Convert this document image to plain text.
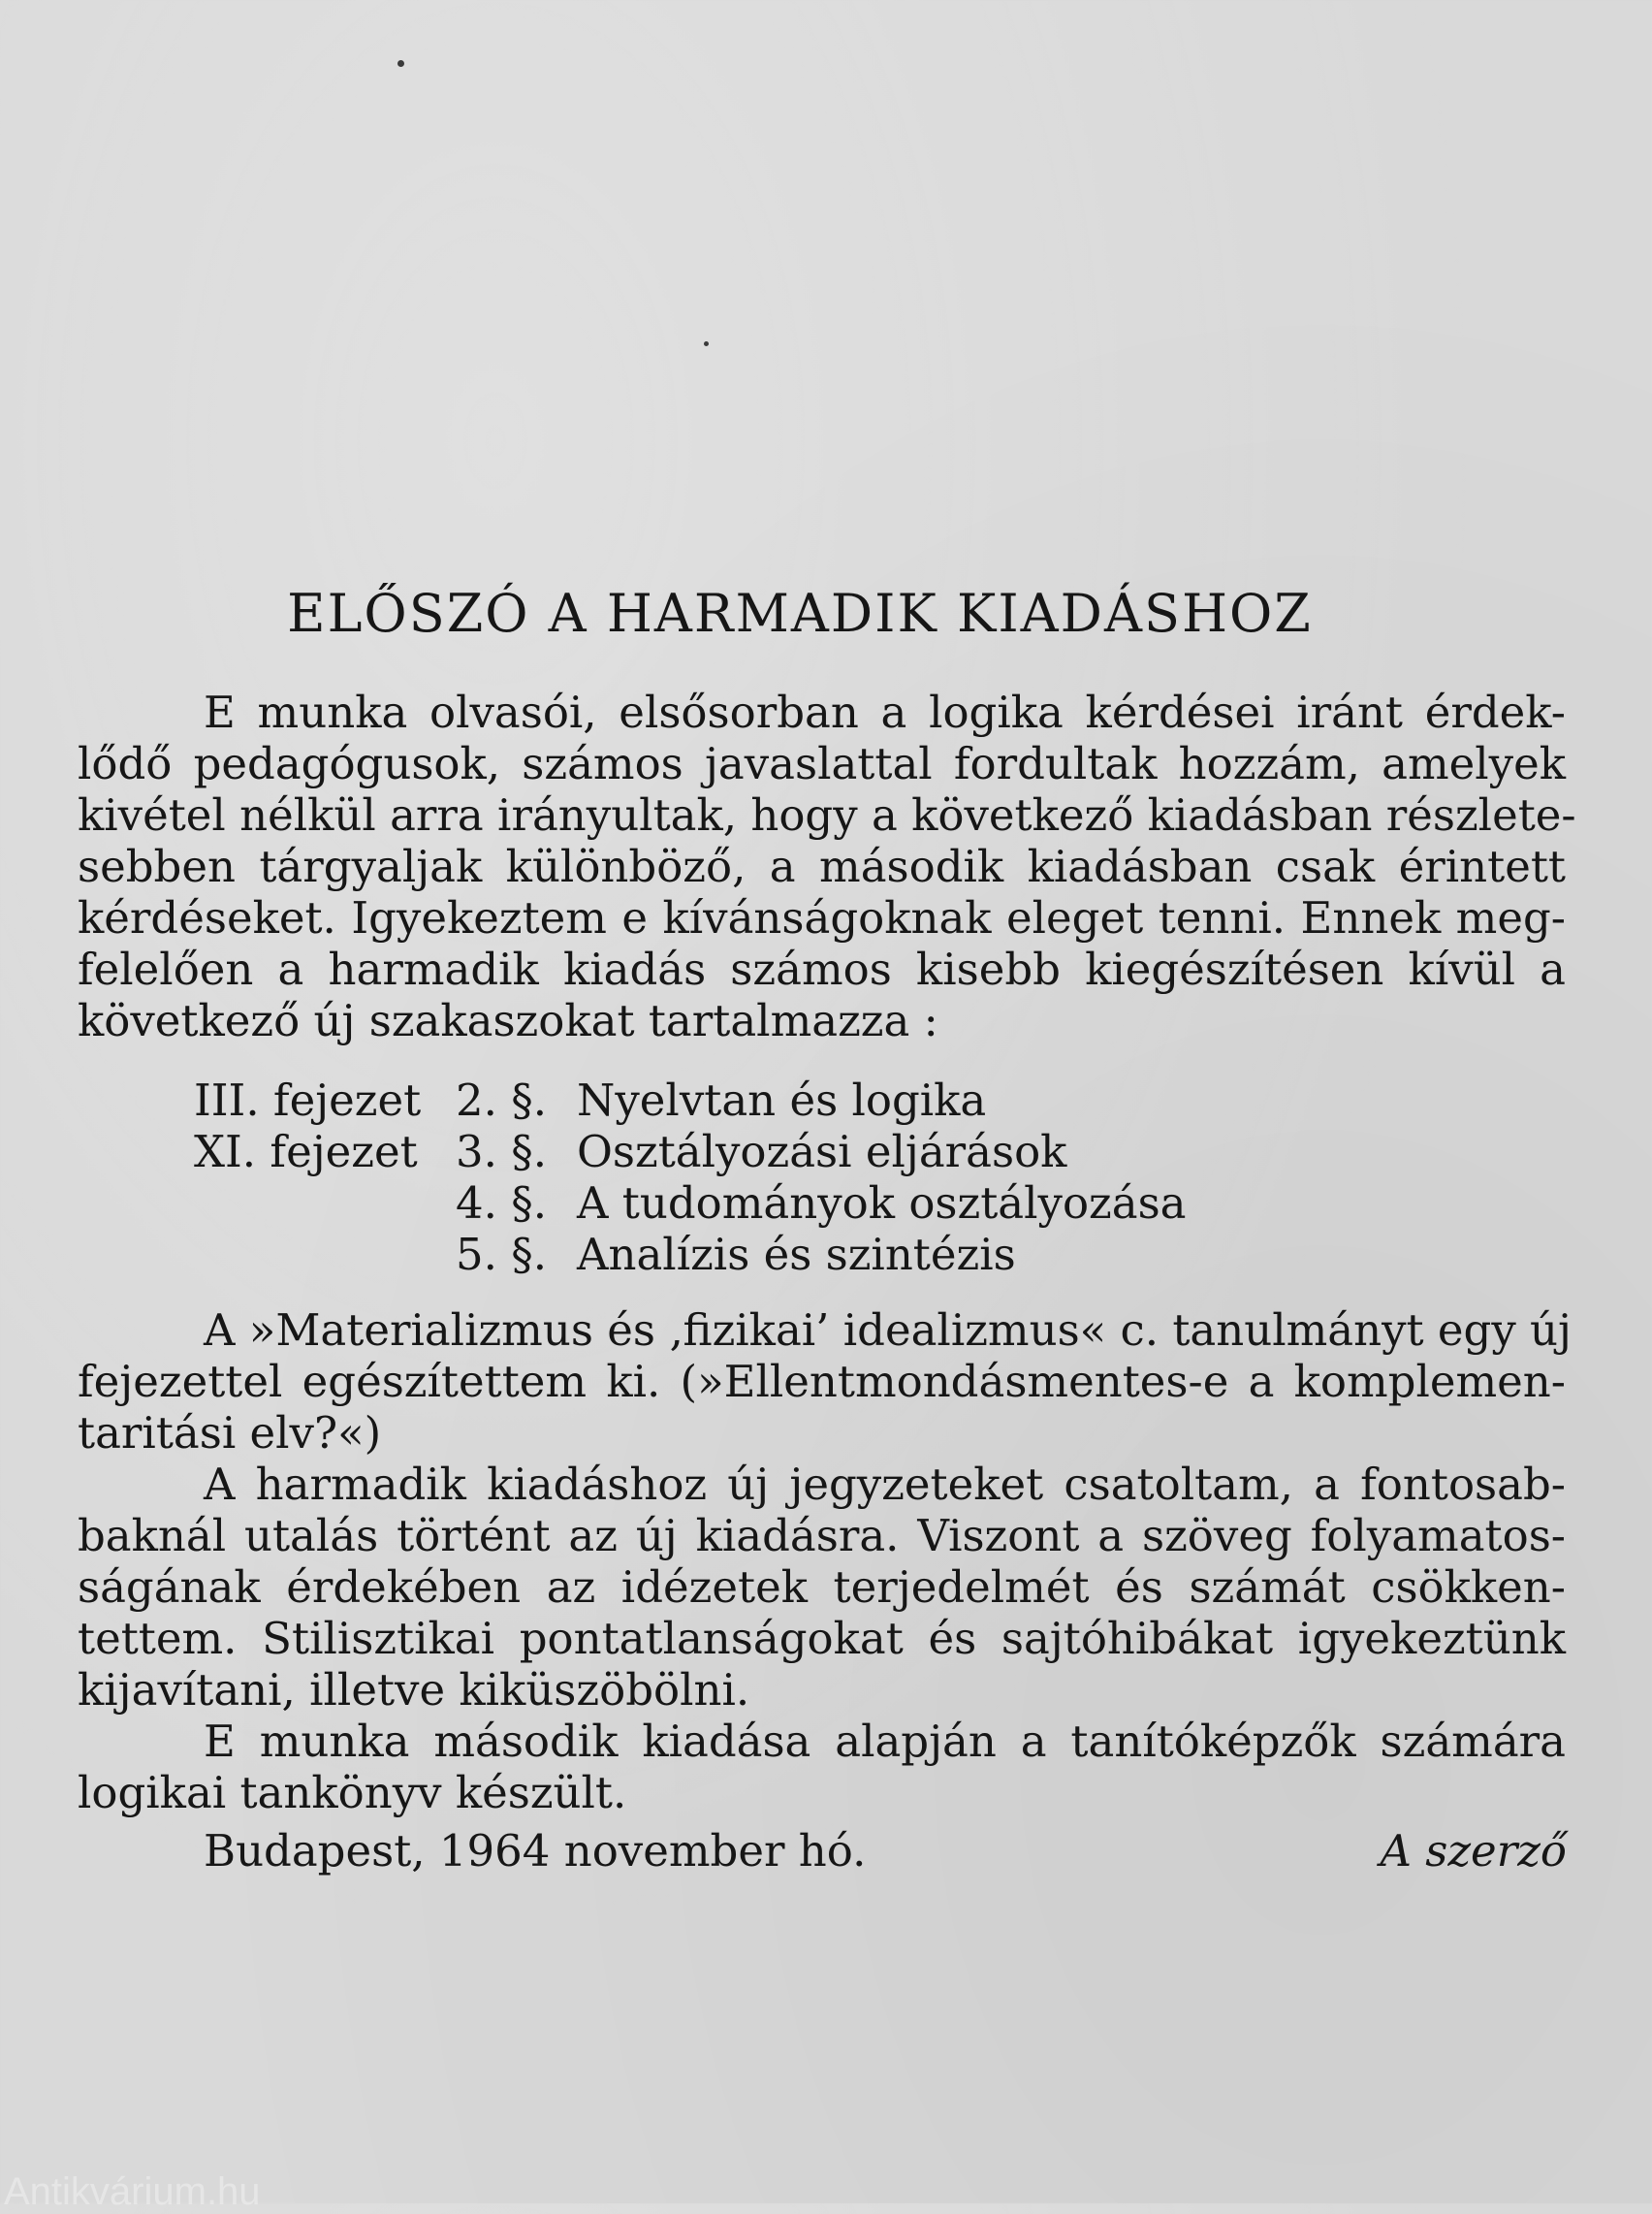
ELŐSZÓ A HARMADIK KIADÁSHOZ

E munka olvasói, elsősorban a logika kérdései iránt érdek-
lődő pedagógusok, számos javaslattal fordultak hozzám, amelyek
kivétel nélkül arra irányultak, hogy a következő kiadásban részlete-
sebben tárgyaljak különböző, a második kiadásban csak érintett
kérdéseket. Igyekeztem e kívánságoknak eleget tenni. Ennek meg-
felelően a harmadik kiadás számos kisebb kiegészítésen kívül a
következő új szakaszokat tartalmazza :

III. fejezet 2. §. Nyelvtan és logika
XI. fejezet 3. §. Osztályozási eljárások
4. §. A tudományok osztályozása
5. §. Analízis és szintézis

A »Materializmus és ‚fizikai’ idealizmus« c. tanulmányt egy új
fejezettel egészítettem ki. (»Ellentmondásmentes-e a komplemen-
taritási elv?«)

A harmadik kiadáshoz új jegyzeteket csatoltam, a fontosab-
baknál utalás történt az új kiadásra. Viszont a szöveg folyamatos-
ságának érdekében az idézetek terjedelmét és számát csökken-
tettem. Stilisztikai pontatlanságokat és sajtóhibákat igyekeztünk
kijavítani, illetve kiküszöbölni.

E munka második kiadása alapján a tanítóképzők számára
logikai tankönyv készült.

Budapest, 1964 november hó.	A szerző
Antikvárium.hu
